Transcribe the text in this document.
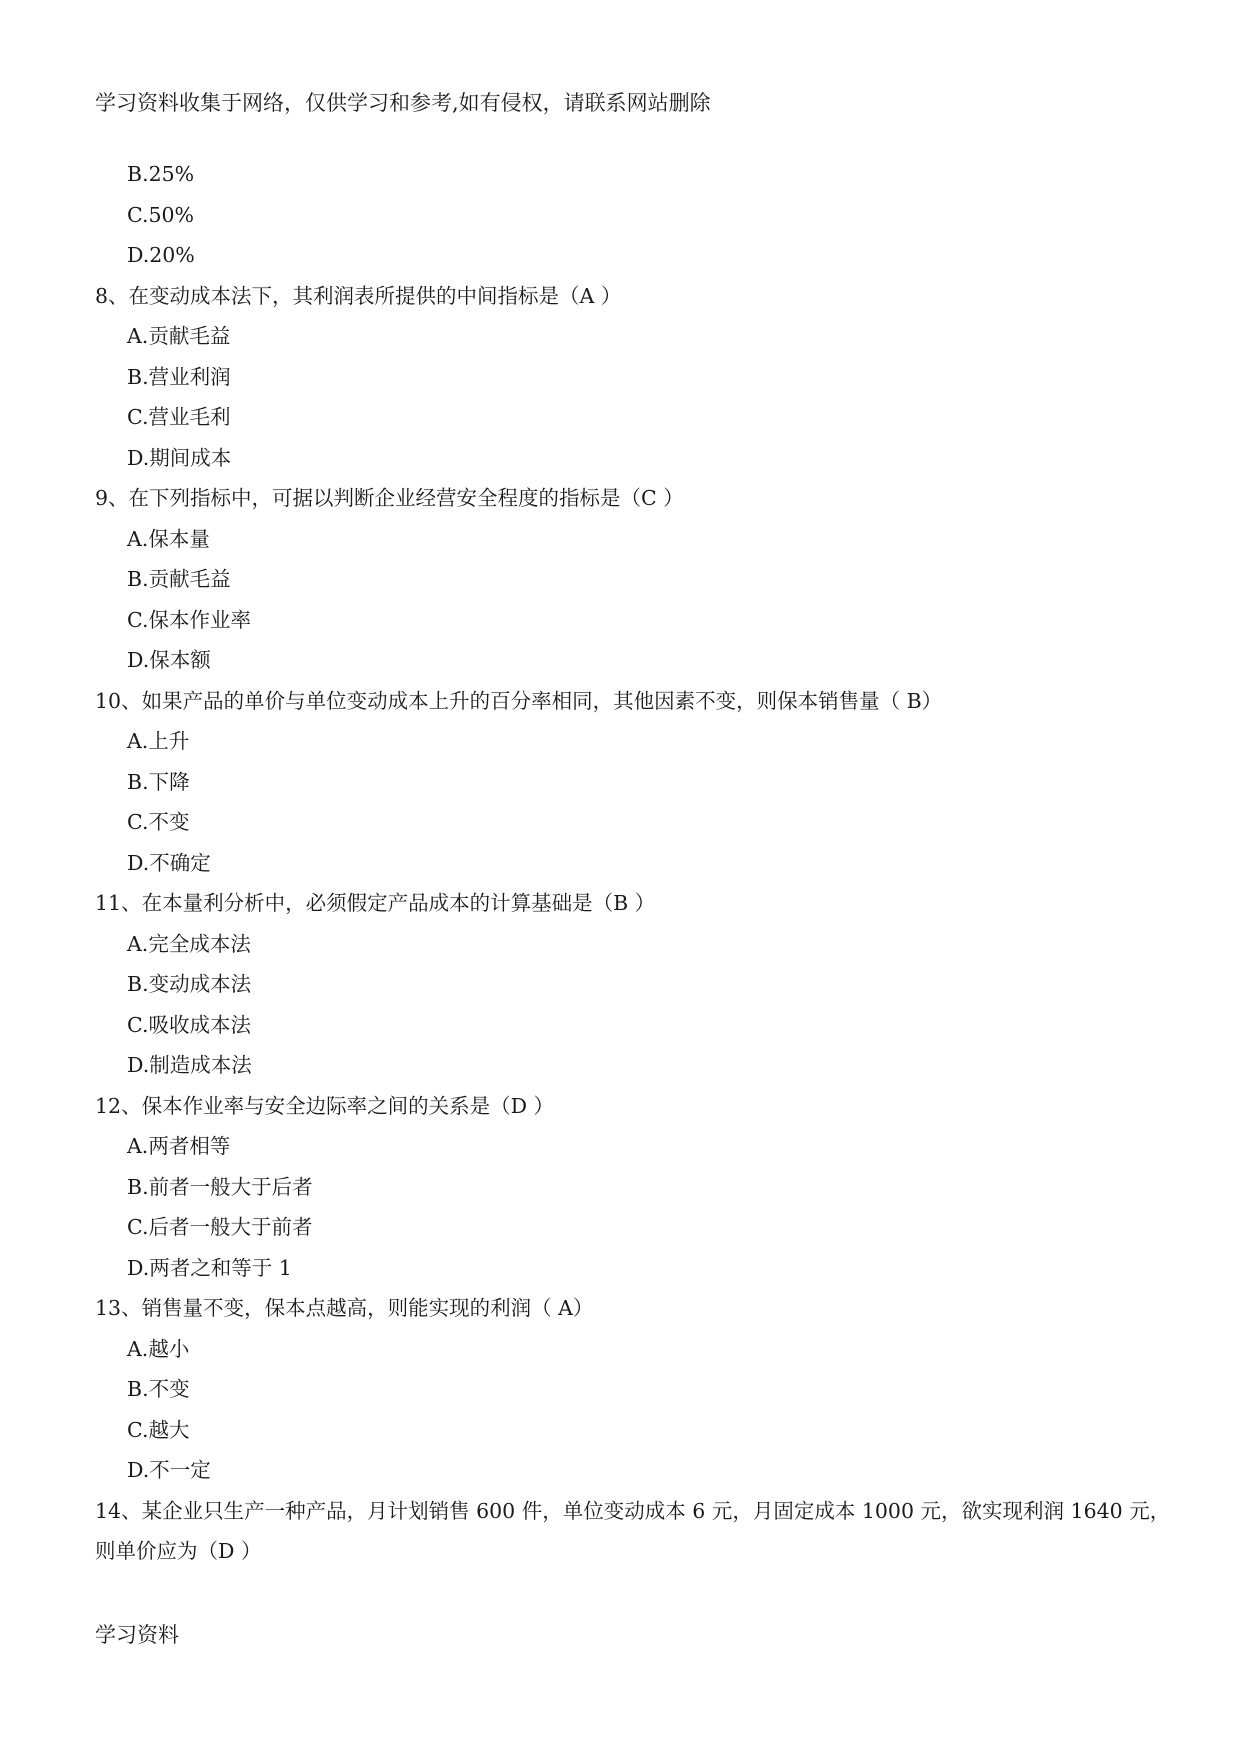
学习资料收集于网络，仅供学习和参考,如有侵权，请联系网站删除
B.25%
C.50%
D.20%
8、在变动成本法下，其利润表所提供的中间指标是（A ）
A.贡献毛益
B.营业利润
C.营业毛利
D.期间成本
9、在下列指标中，可据以判断企业经营安全程度的指标是（C ）
A.保本量
B.贡献毛益
C.保本作业率
D.保本额
10、如果产品的单价与单位变动成本上升的百分率相同，其他因素不变，则保本销售量（ B）
A.上升
B.下降
C.不变
D.不确定
11、在本量利分析中，必须假定产品成本的计算基础是（B ）
A.完全成本法
B.变动成本法
C.吸收成本法
D.制造成本法
12、保本作业率与安全边际率之间的关系是（D ）
A.两者相等
B.前者一般大于后者
C.后者一般大于前者
D.两者之和等于 1
13、销售量不变，保本点越高，则能实现的利润（ A）
A.越小
B.不变
C.越大
D.不一定
14、某企业只生产一种产品，月计划销售 600 件，单位变动成本 6 元，月固定成本 1000 元，欲实现利润 1640 元，
则单价应为（D ）
学习资料
